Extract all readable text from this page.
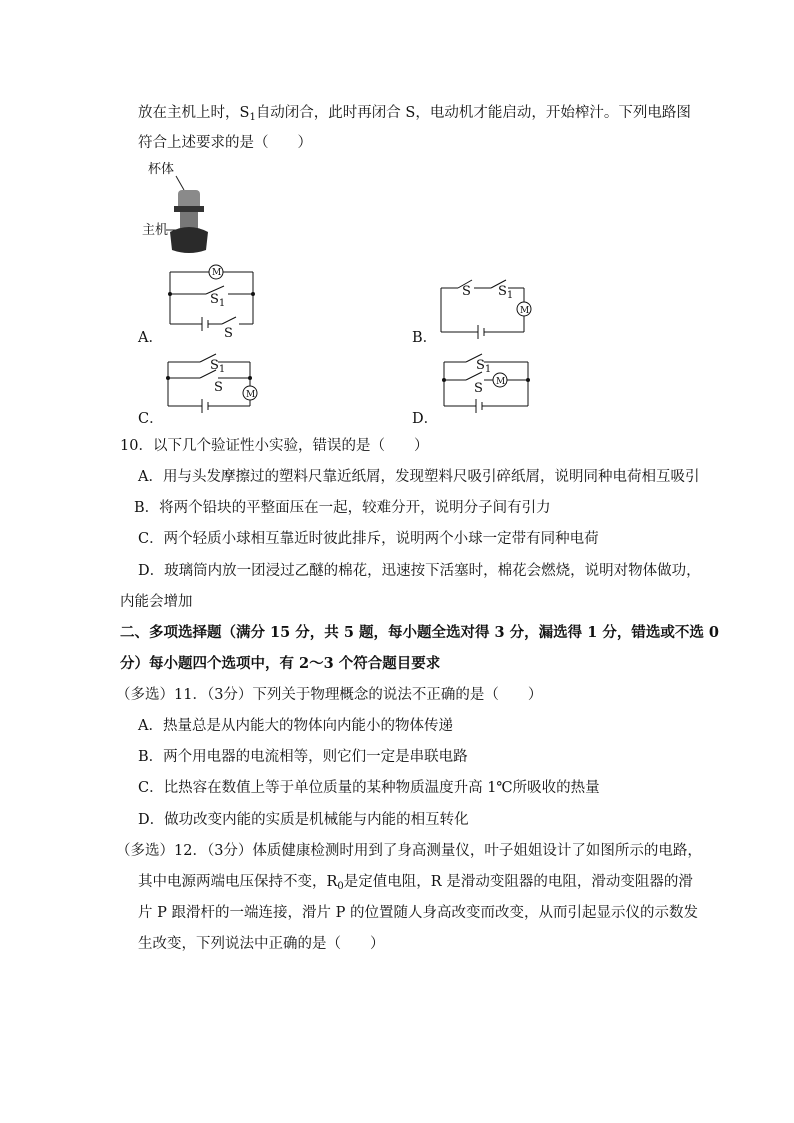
放在主机上时，$S_1$自动闭合，此时再闭合 S，电动机才能启动，开始榨汁。下列电路图
符合上述要求的是（　　）
杯体
主机
M
$S_1$
S
A．
S $S_1$
M
B．
$S_1$
S	M
C．
$S_1$
S M
D．
10．以下几个验证性小实验，错误的是（　　）
A．用与头发摩擦过的塑料尺靠近纸屑，发现塑料尺吸引碎纸屑，说明同种电荷相互吸引
B．将两个铅块的平整面压在一起，较难分开，说明分子间有引力
C．两个轻质小球相互靠近时彼此排斥，说明两个小球一定带有同种电荷
D．玻璃筒内放一团浸过乙醚的棉花，迅速按下活塞时，棉花会燃烧，说明对物体做功，
内能会增加
二、多项选择题（满分 15 分，共 5 题，每小题全选对得 3 分，漏选得 1 分，错选或不选 0
分）每小题四个选项中，有 2～3 个符合题目要求
（多选）11．（3分）下列关于物理概念的说法不正确的是（　　）
A．热量总是从内能大的物体向内能小的物体传递
B．两个用电器的电流相等，则它们一定是串联电路
C．比热容在数值上等于单位质量的某种物质温度升高 1℃所吸收的热量
D．做功改变内能的实质是机械能与内能的相互转化
（多选）12．（3分）体质健康检测时用到了身高测量仪，叶子姐姐设计了如图所示的电路，
其中电源两端电压保持不变，$R_0$是定值电阻，R 是滑动变阻器的电阻，滑动变阻器的滑
片 P 跟滑杆的一端连接，滑片 P 的位置随人身高改变而改变，从而引起显示仪的示数发
生改变，下列说法中正确的是（　　）
